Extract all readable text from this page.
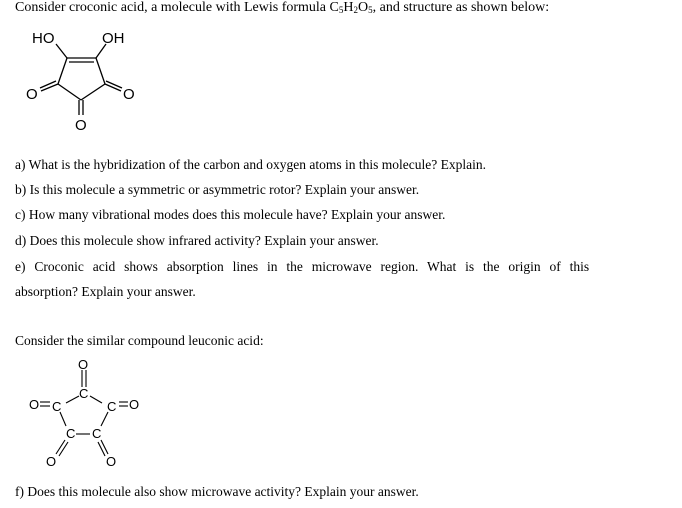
Consider croconic acid, a molecule with Lewis formula $C_5H_2O_5$, and structure as shown below:
HO	OH
O	O
O
a) What is the hybridization of the carbon and oxygen atoms in this molecule? Explain.
b) Is this molecule a symmetric or asymmetric rotor? Explain your answer.
c) How many vibrational modes does this molecule have? Explain your answer.
d) Does this molecule show infrared activity? Explain your answer.
e) Croconic acid shows absorption lines in the microwave region. What is the origin of this
absorption? Explain your answer.
Consider the similar compound leuconic acid:
O
C
O C	C O
C C
O	O
f) Does this molecule also show microwave activity? Explain your answer.
